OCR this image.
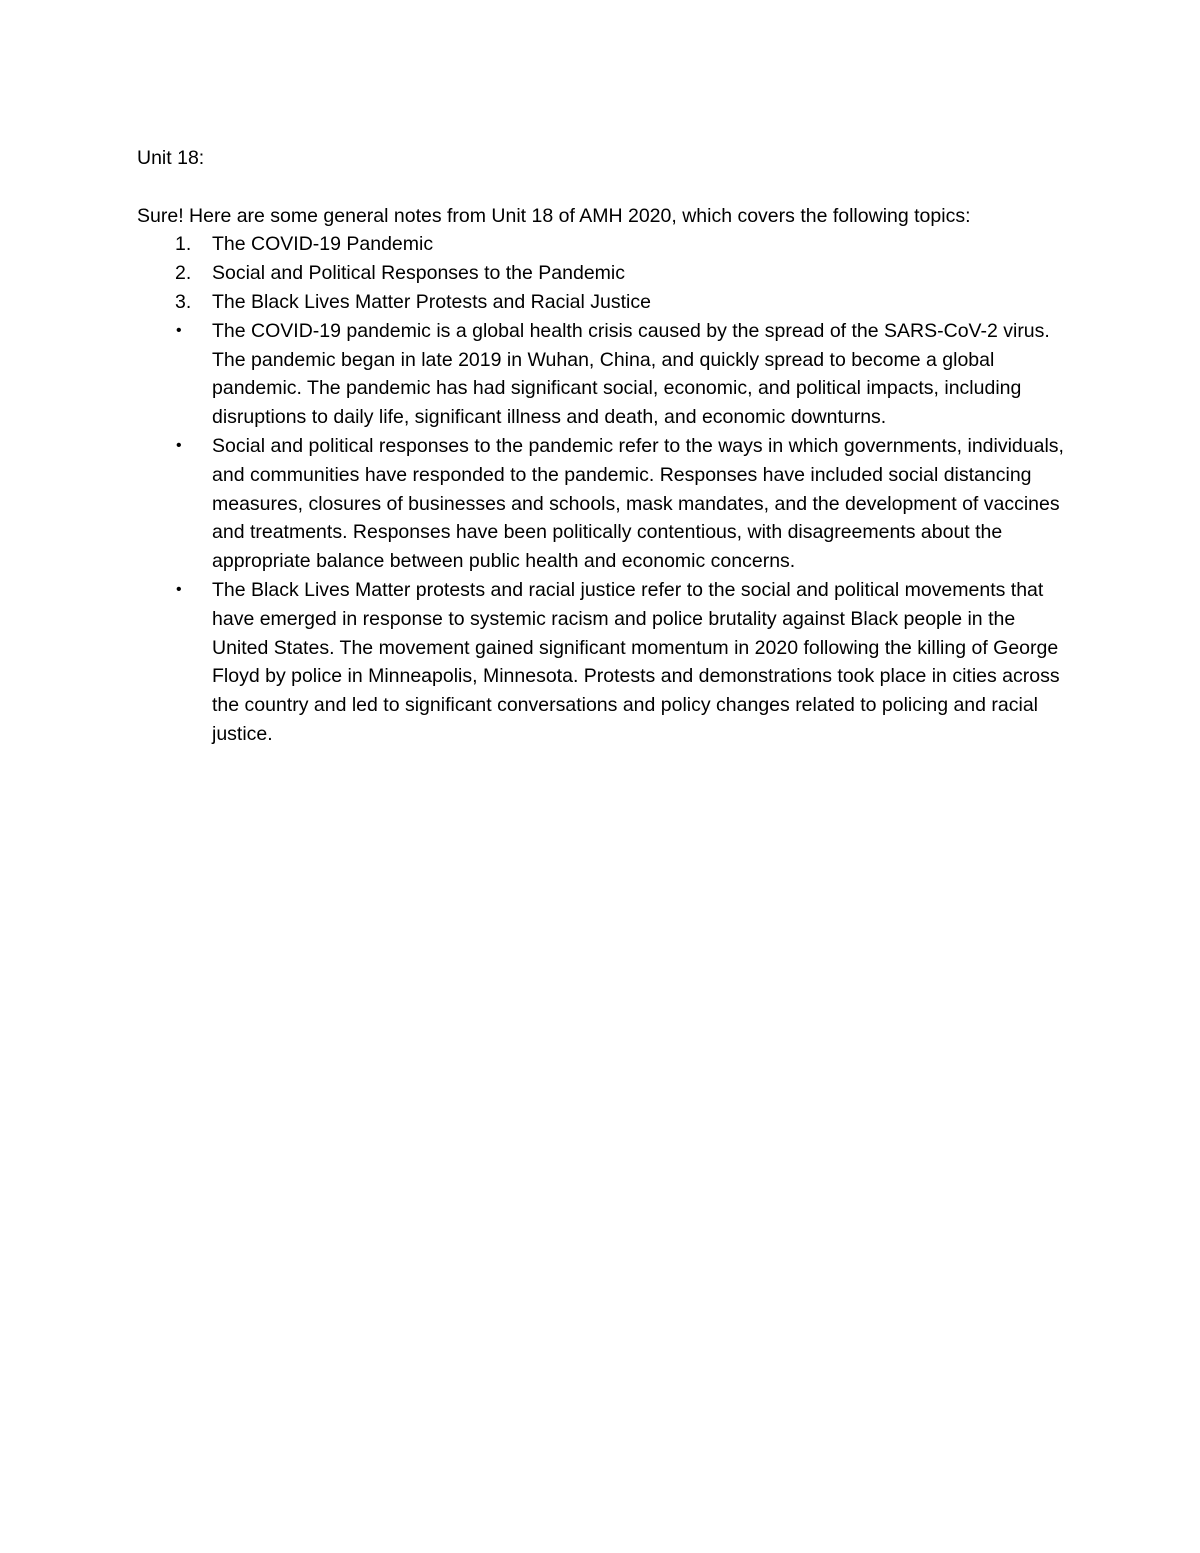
Unit 18:

Sure! Here are some general notes from Unit 18 of AMH 2020, which covers the following topics:

1. The COVID-19 Pandemic
2. Social and Political Responses to the Pandemic
3. The Black Lives Matter Protests and Racial Justice
• The COVID-19 pandemic is a global health crisis caused by the spread of the SARS-CoV-2 virus. The pandemic began in late 2019 in Wuhan, China, and quickly spread to become a global pandemic. The pandemic has had significant social, economic, and political impacts, including disruptions to daily life, significant illness and death, and economic downturns.
• Social and political responses to the pandemic refer to the ways in which governments, individuals, and communities have responded to the pandemic. Responses have included social distancing measures, closures of businesses and schools, mask mandates, and the development of vaccines and treatments. Responses have been politically contentious, with disagreements about the appropriate balance between public health and economic concerns.
• The Black Lives Matter protests and racial justice refer to the social and political movements that have emerged in response to systemic racism and police brutality against Black people in the United States. The movement gained significant momentum in 2020 following the killing of George Floyd by police in Minneapolis, Minnesota. Protests and demonstrations took place in cities across the country and led to significant conversations and policy changes related to policing and racial justice.
